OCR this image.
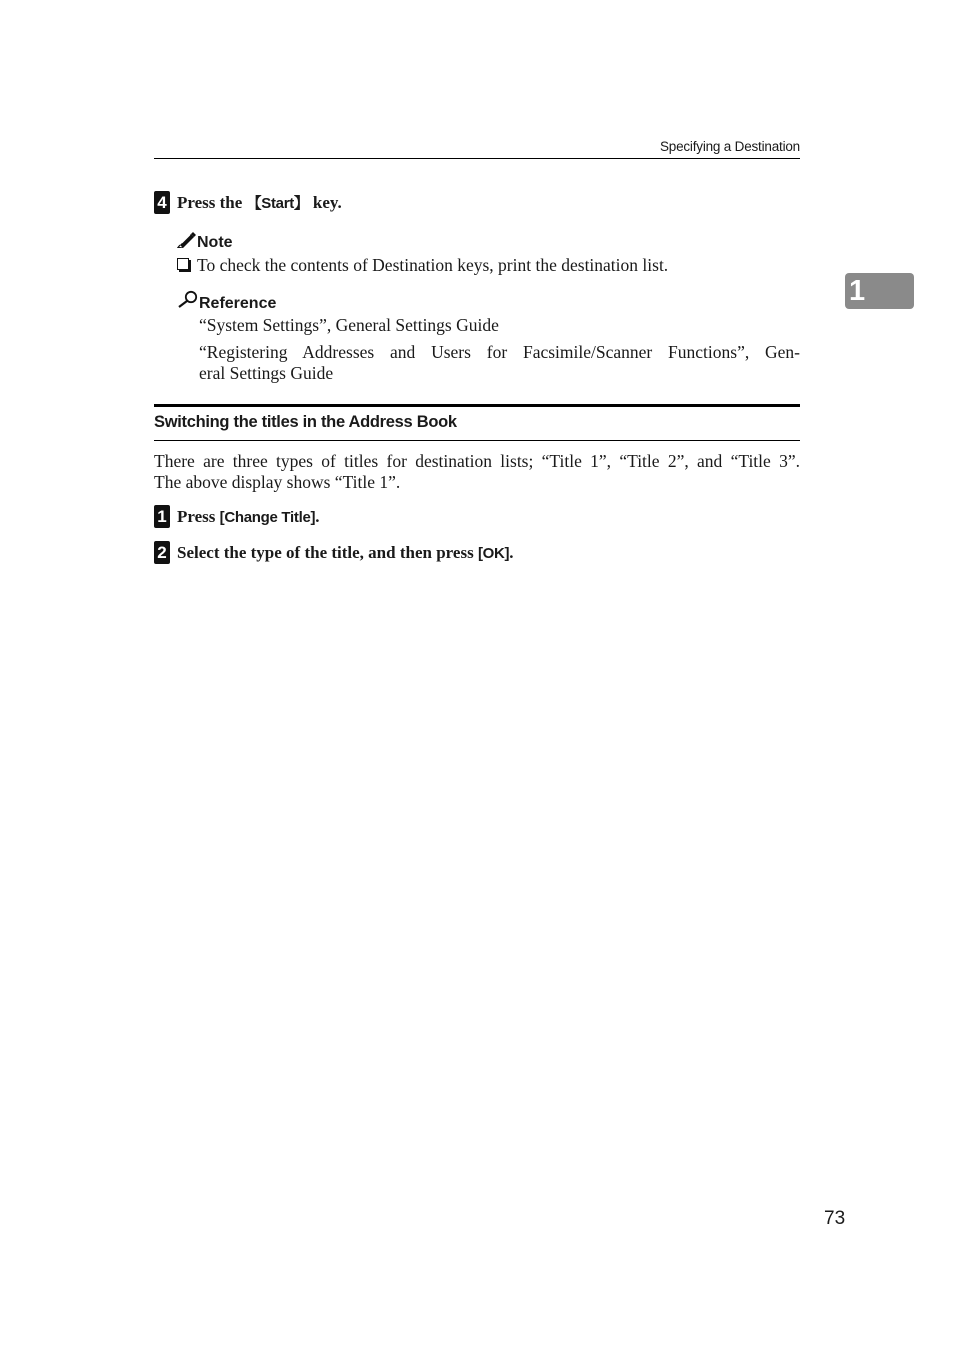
Specifying a Destination
1
4 Press the 【Start】 key.
Note
To check the contents of Destination keys, print the destination list.
Reference
“System Settings”, General Settings Guide
“Registering Addresses and Users for Facsimile/Scanner Functions”, Gen-
eral Settings Guide
Switching the titles in the Address Book
There are three types of titles for destination lists; “Title 1”, “Title 2”, and “Title 3”.
The above display shows “Title 1”.
1 Press [Change Title].
2 Select the type of the title, and then press [OK].
73
